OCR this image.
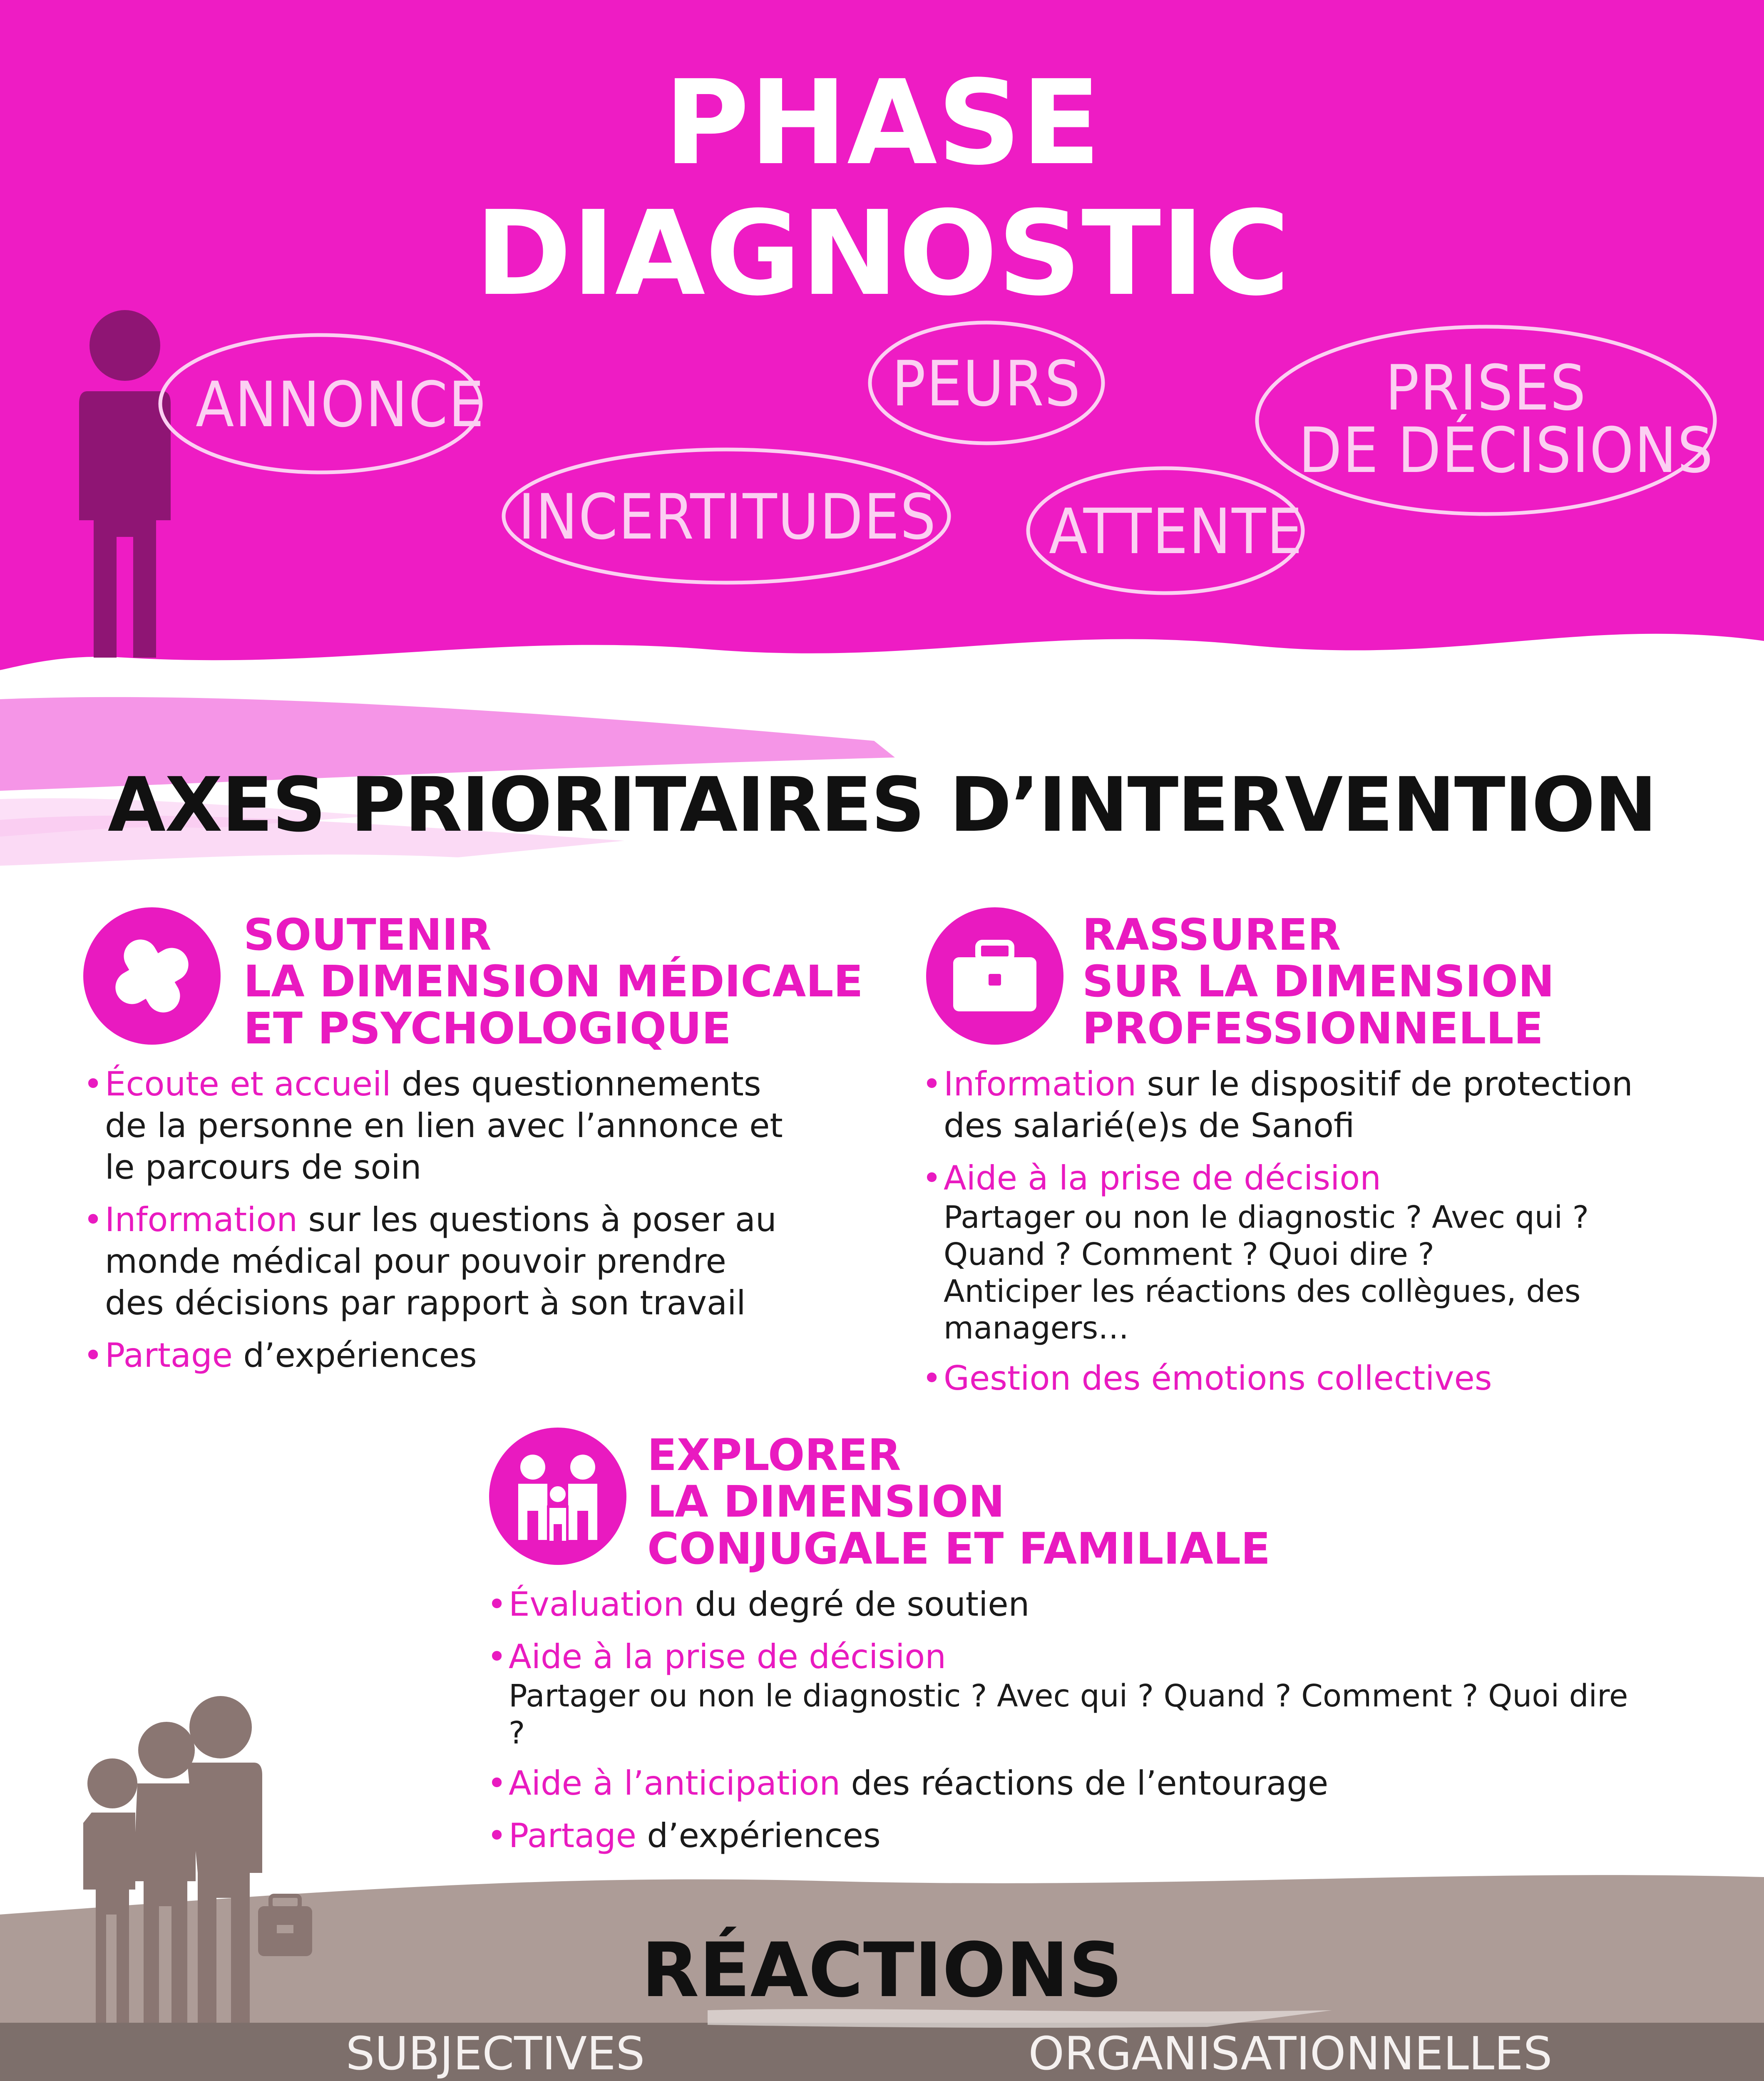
PHASE
DIAGNOSTIC
ANNONCE	PEURS	PRISES
DE DÉCISIONS
INCERTITUDES ATTENTE
AXES PRIORITAIRES D’INTERVENTION
SOUTENIR
LA DIMENSION MÉDICALE
ET PSYCHOLOGIQUE
• Écoute et accueil des questionnements de la personne en lien avec l’annonce et le parcours de soin
• Information sur les questions à poser au monde médical pour pouvoir prendre des décisions par rapport à son travail
• Partage d’expériences
RASSURER
SUR LA DIMENSION
PROFESSIONNELLE
• Information sur le dispositif de protection des salarié(e)s de Sanofi
• Aide à la prise de décision
Partager ou non le diagnostic ? Avec qui ? Quand ? Comment ? Quoi dire ?
Anticiper les réactions des collègues, des managers…
• Gestion des émotions collectives
EXPLORER
LA DIMENSION
CONJUGALE ET FAMILIALE
• Évaluation du degré de soutien
• Aide à la prise de décision
Partager ou non le diagnostic ? Avec qui ? Quand ? Comment ? Quoi dire ?
• Aide à l’anticipation des réactions de l’entourage
• Partage d’expériences
RÉACTIONS
SUBJECTIVES	ORGANISATIONNELLES
